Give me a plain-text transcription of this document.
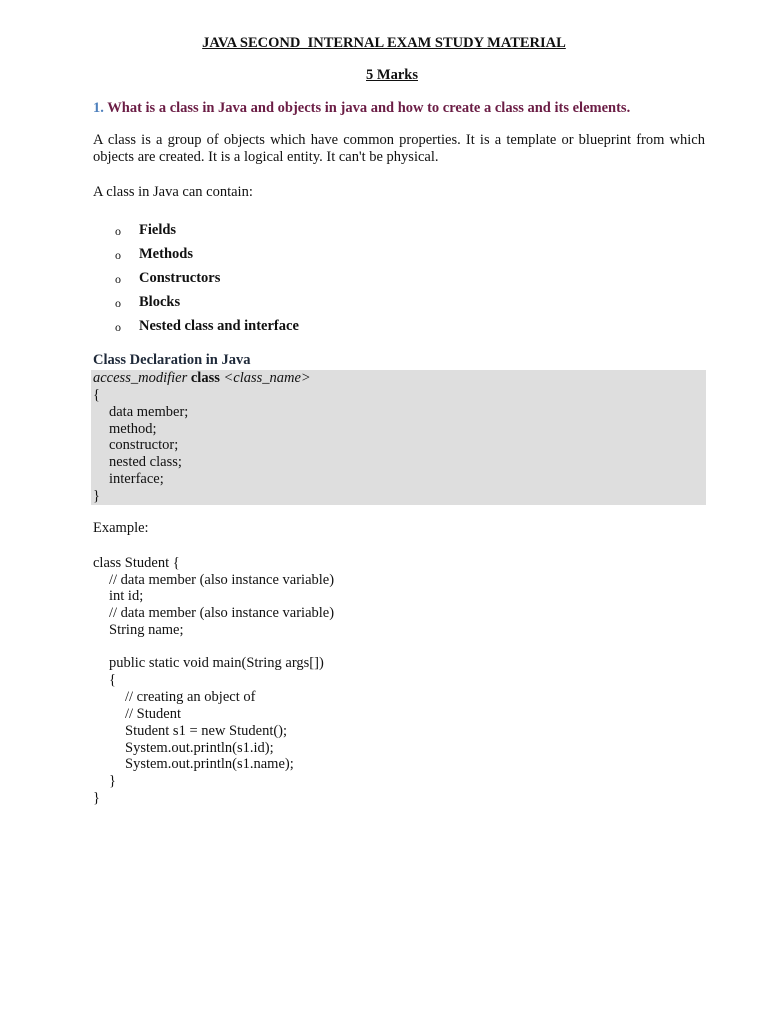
JAVA SECOND  INTERNAL EXAM STUDY MATERIAL
5 Marks
1. What is a class in Java and objects in java and how to create a class and its elements.
A class is a group of objects which have common properties. It is a template or blueprint from which objects are created. It is a logical entity. It can't be physical.
A class in Java can contain:
o Fields
o Methods
o Constructors
o Blocks
o Nested class and interface
Class Declaration in Java
access_modifier class <class_name>
{
data member;
method;
constructor;
nested class;
interface;
}
Example:
class Student {
// data member (also instance variable)
int id;
// data member (also instance variable)
String name;
public static void main(String args[])
{
// creating an object of
// Student
Student s1 = new Student();
System.out.println(s1.id);
System.out.println(s1.name);
}
}
